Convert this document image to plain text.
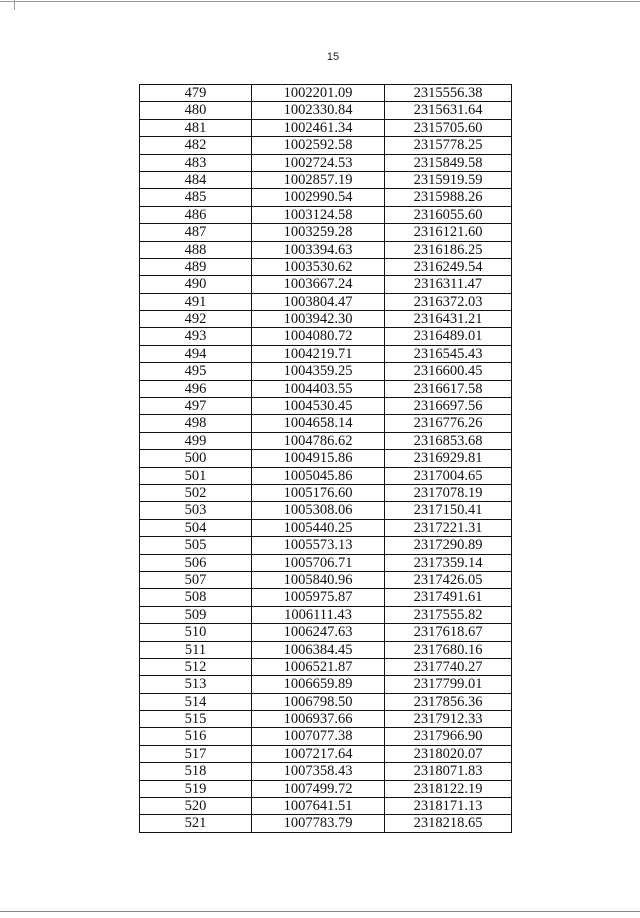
15
479	1002201.09	2315556.38
480	1002330.84	2315631.64
481	1002461.34	2315705.60
482	1002592.58	2315778.25
483	1002724.53	2315849.58
484	1002857.19	2315919.59
485	1002990.54	2315988.26
486	1003124.58	2316055.60
487	1003259.28	2316121.60
488	1003394.63	2316186.25
489	1003530.62	2316249.54
490	1003667.24	2316311.47
491	1003804.47	2316372.03
492	1003942.30	2316431.21
493	1004080.72	2316489.01
494	1004219.71	2316545.43
495	1004359.25	2316600.45
496	1004403.55	2316617.58
497	1004530.45	2316697.56
498	1004658.14	2316776.26
499	1004786.62	2316853.68
500	1004915.86	2316929.81
501	1005045.86	2317004.65
502	1005176.60	2317078.19
503	1005308.06	2317150.41
504	1005440.25	2317221.31
505	1005573.13	2317290.89
506	1005706.71	2317359.14
507	1005840.96	2317426.05
508	1005975.87	2317491.61
509	1006111.43	2317555.82
510	1006247.63	2317618.67
511	1006384.45	2317680.16
512	1006521.87	2317740.27
513	1006659.89	2317799.01
514	1006798.50	2317856.36
515	1006937.66	2317912.33
516	1007077.38	2317966.90
517	1007217.64	2318020.07
518	1007358.43	2318071.83
519	1007499.72	2318122.19
520	1007641.51	2318171.13
521	1007783.79	2318218.65
